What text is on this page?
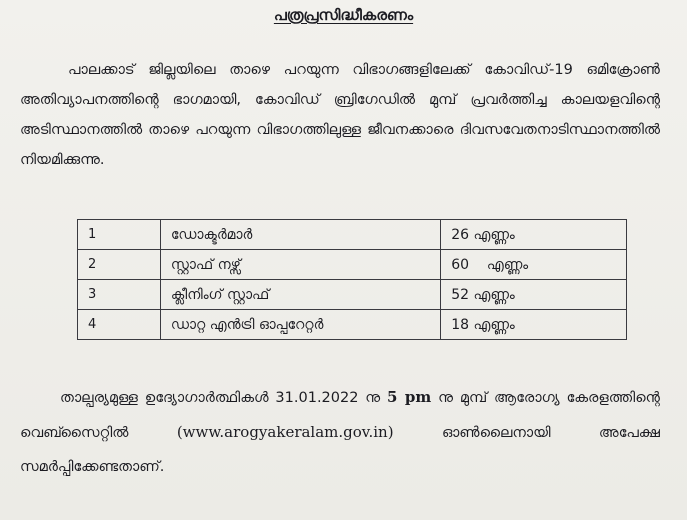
പത്രപ്രസിദ്ധീകരണം
പാലക്കാട് ജില്ലയിലെ താഴെ പറയുന്ന വിഭാഗങ്ങളിലേക്ക് കോവിഡ്-19 ഒമിക്രോൺ അതിവ്യാപനത്തിന്റെ ഭാഗമായി, കോവിഡ് ബ്രിഗേഡിൽ മുമ്പ് പ്രവർത്തിച്ച കാലയളവിന്റെ അടിസ്ഥാനത്തിൽ താഴെ പറയുന്ന വിഭാഗത്തിലുള്ള ജീവനക്കാരെ ദിവസവേതനാടിസ്ഥാനത്തിൽ നിയമിക്കുന്നു.
1	ഡോക്ടർമാർ	26 എണ്ണം
2	സ്റ്റാഫ് നഴ്സ്	60    എണ്ണം
3	ക്ലീനിംഗ് സ്റ്റാഫ്	52 എണ്ണം
4	ഡാറ്റ എൻട്രി ഓപ്പറേറ്റർ	18 എണ്ണം
താല്പര്യമുള്ള ഉദ്യോഗാർത്ഥികൾ 31.01.2022 നു 5 pm നു മുമ്പ് ആരോഗ്യ കേരളത്തിന്റെ വെബ്സൈറ്റിൽ (www.arogyakeralam.gov.in) ഓൺലൈനായി അപേക്ഷ സമർപ്പിക്കേണ്ടതാണ്.
